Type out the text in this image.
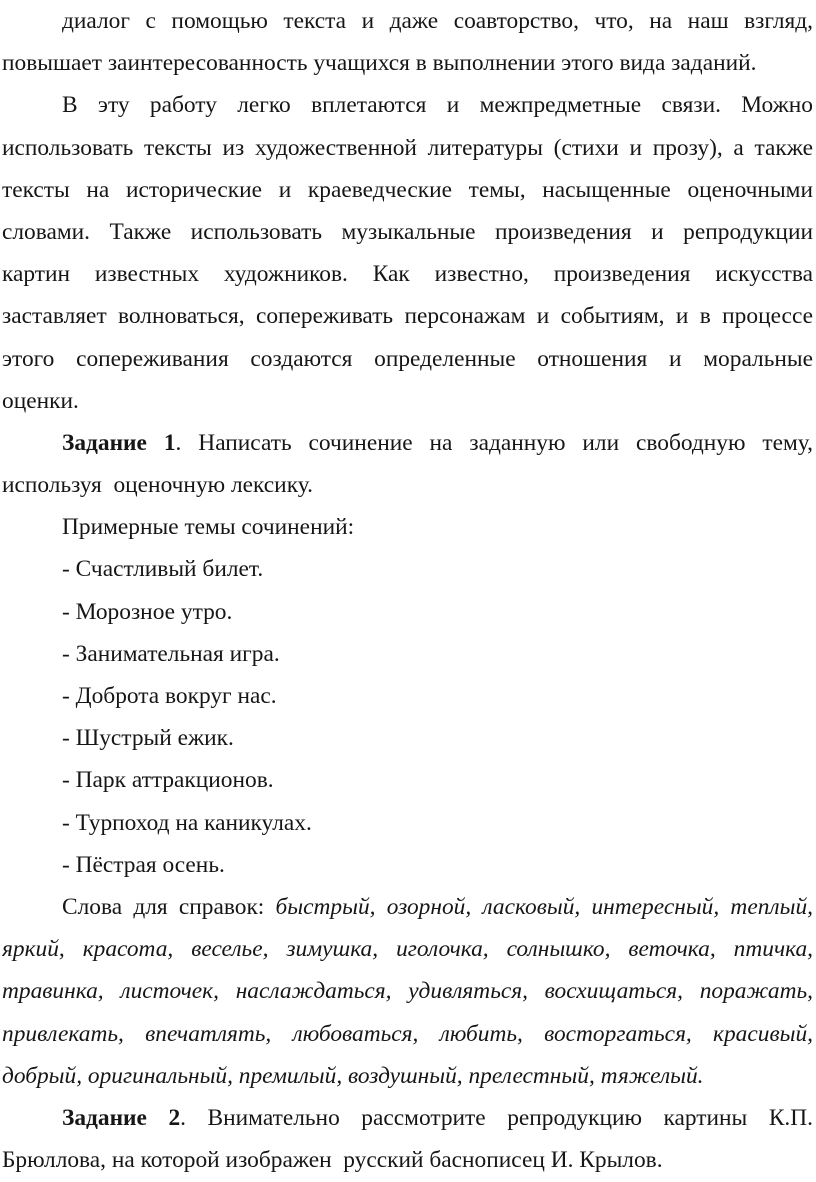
диалог с помощью текста и даже соавторство, что, на наш взгляд,
повышает заинтересованность учащихся в выполнении этого вида заданий.
В эту работу легко вплетаются и межпредметные связи. Можно
использовать тексты из художественной литературы (стихи и прозу), а также
тексты на исторические и краеведческие темы, насыщенные оценочными
словами. Также использовать музыкальные произведения и репродукции
картин известных художников. Как известно, произведения искусства
заставляет волноваться, сопереживать персонажам и событиям, и в процессе
этого сопереживания создаются определенные отношения и моральные
оценки.
Задание 1. Написать сочинение на заданную или свободную тему,
используя  оценочную лексику.
Примерные темы сочинений:
- Счастливый билет.
- Морозное утро.
- Занимательная игра.
- Доброта вокруг нас.
- Шустрый ежик.
- Парк аттракционов.
- Турпоход на каникулах.
- Пёстрая осень.
Слова для справок: быстрый, озорной, ласковый, интересный, теплый,
яркий, красота, веселье, зимушка, иголочка, солнышко, веточка, птичка,
травинка, листочек, наслаждаться, удивляться, восхищаться, поражать,
привлекать, впечатлять, любоваться, любить, восторгаться, красивый,
добрый, оригинальный, премилый, воздушный, прелестный, тяжелый.
Задание 2. Внимательно рассмотрите репродукцию картины К.П.
Брюллова, на которой изображен  русский баснописец И. Крылов.
